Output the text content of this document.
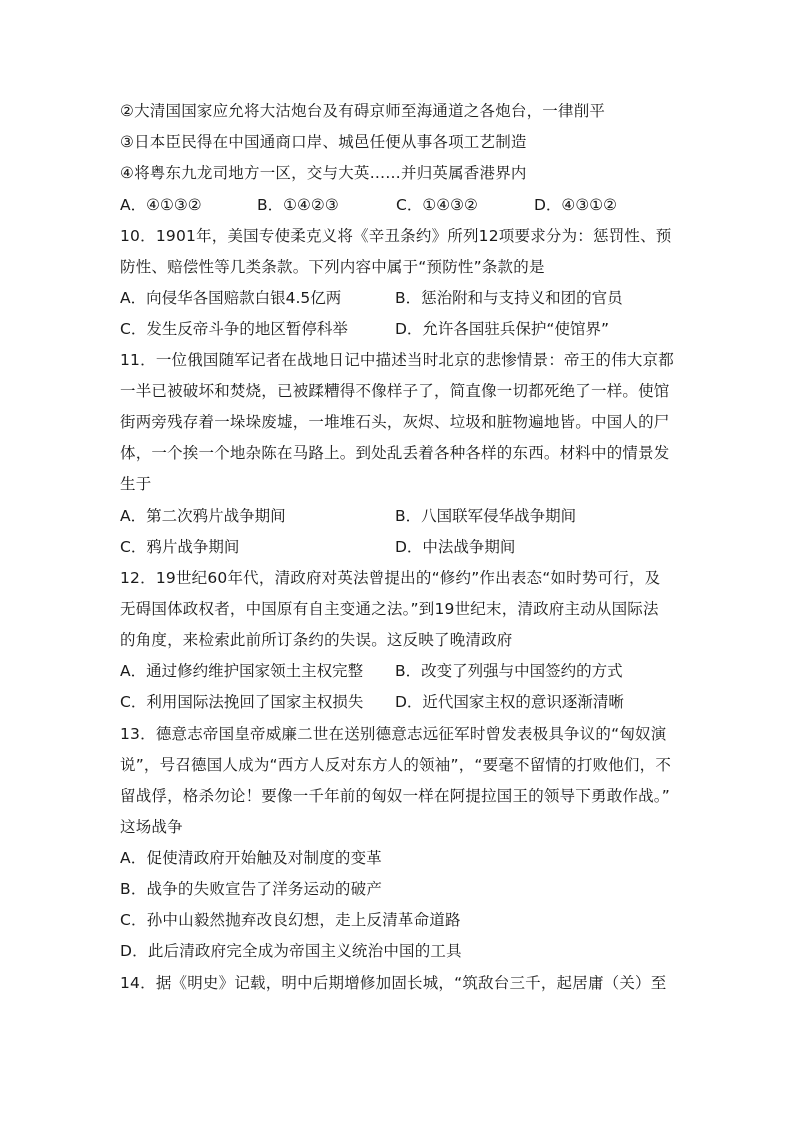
②大清国国家应允将大沽炮台及有碍京师至海通道之各炮台，一律削平
③日本臣民得在中国通商口岸、城邑任便从事各项工艺制造
④将粤东九龙司地方一区，交与大英……并归英属香港界内
A．④①③②	B．①④②③	C．①④③②	D．④③①②
10．1901年，美国专使柔克义将《辛丑条约》所列12项要求分为：惩罚性、预
防性、赔偿性等几类条款。下列内容中属于“预防性”条款的是
A．向侵华各国赔款白银4.5亿两	B．惩治附和与支持义和团的官员
C．发生反帝斗争的地区暂停科举	D．允许各国驻兵保护“使馆界”
11．一位俄国随军记者在战地日记中描述当时北京的悲惨情景：帝王的伟大京都
一半已被破坏和焚烧，已被蹂糟得不像样子了，简直像一切都死绝了一样。使馆
街两旁残存着一垛垛废墟，一堆堆石头，灰烬、垃圾和脏物遍地皆。中国人的尸
体，一个挨一个地杂陈在马路上。到处乱丢着各种各样的东西。材料中的情景发
生于
A．第二次鸦片战争期间	B．八国联军侵华战争期间
C．鸦片战争期间	D．中法战争期间
12．19世纪60年代，清政府对英法曾提出的“修约”作出表态“如时势可行，及
无碍国体政权者，中国原有自主变通之法。”到19世纪末，清政府主动从国际法
的角度，来检索此前所订条约的失误。这反映了晚清政府
A．通过修约维护国家领土主权完整 B．改变了列强与中国签约的方式
C．利用国际法挽回了国家主权损失 D．近代国家主权的意识逐渐清晰
13．德意志帝国皇帝威廉二世在送别德意志远征军时曾发表极具争议的“匈奴演
说”，号召德国人成为“西方人反对东方人的领袖”，“要毫不留情的打败他们，不
留战俘，格杀勿论！要像一千年前的匈奴一样在阿提拉国王的领导下勇敢作战。”
这场战争
A．促使清政府开始触及对制度的变革
B．战争的失败宣告了洋务运动的破产
C．孙中山毅然抛弃改良幻想，走上反清革命道路
D．此后清政府完全成为帝国主义统治中国的工具
14．据《明史》记载，明中后期增修加固长城，“筑敌台三千，起居庸（关）至
